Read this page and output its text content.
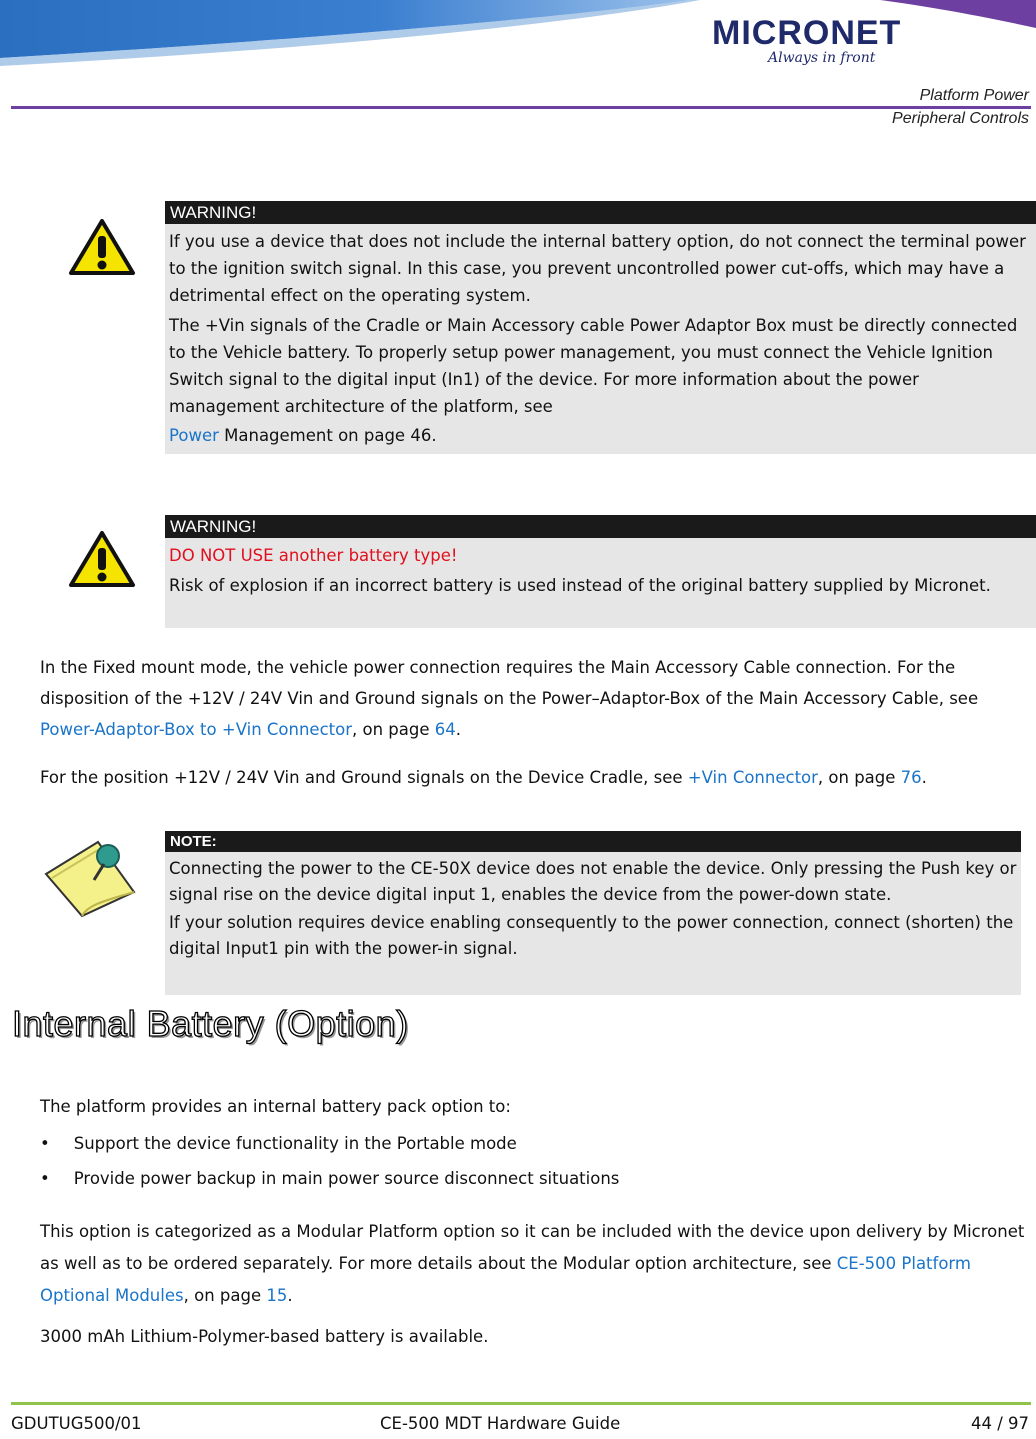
MICRONET
Always in front
Platform Power
Peripheral Controls
WARNING!

If you use a device that does not include the internal battery option, do not connect the terminal power to the ignition switch signal. In this case, you prevent uncontrolled power cut-offs, which may have a detrimental effect on the operating system.

The +Vin signals of the Cradle or Main Accessory cable Power Adaptor Box must be directly connected to the Vehicle battery. To properly setup power management, you must connect the Vehicle Ignition Switch signal to the digital input (In1) of the device. For more information about the power management architecture of the platform, see

Power Management on page 46.

WARNING!

DO NOT USE another battery type!

Risk of explosion if an incorrect battery is used instead of the original battery supplied by Micronet.

In the Fixed mount mode, the vehicle power connection requires the Main Accessory Cable connection. For the disposition of the +12V / 24V Vin and Ground signals on the Power–Adaptor-Box of the Main Accessory Cable, see Power-Adaptor-Box to +Vin Connector, on page 64.

For the position +12V / 24V Vin and Ground signals on the Device Cradle, see +Vin Connector, on page 76.

NOTE:

Connecting the power to the CE-50X device does not enable the device. Only pressing the Push key or signal rise on the device digital input 1, enables the device from the power-down state.

If your solution requires device enabling consequently to the power connection, connect (shorten) the digital Input1 pin with the power-in signal.

Internal Battery (Option)

The platform provides an internal battery pack option to:

• Support the device functionality in the Portable mode
• Provide power backup in main power source disconnect situations

This option is categorized as a Modular Platform option so it can be included with the device upon delivery by Micronet as well as to be ordered separately. For more details about the Modular option architecture, see CE-500 Platform Optional Modules, on page 15.

3000 mAh Lithium-Polymer-based battery is available.

GDUTUG500/01	CE-500 MDT Hardware Guide	44 / 97
